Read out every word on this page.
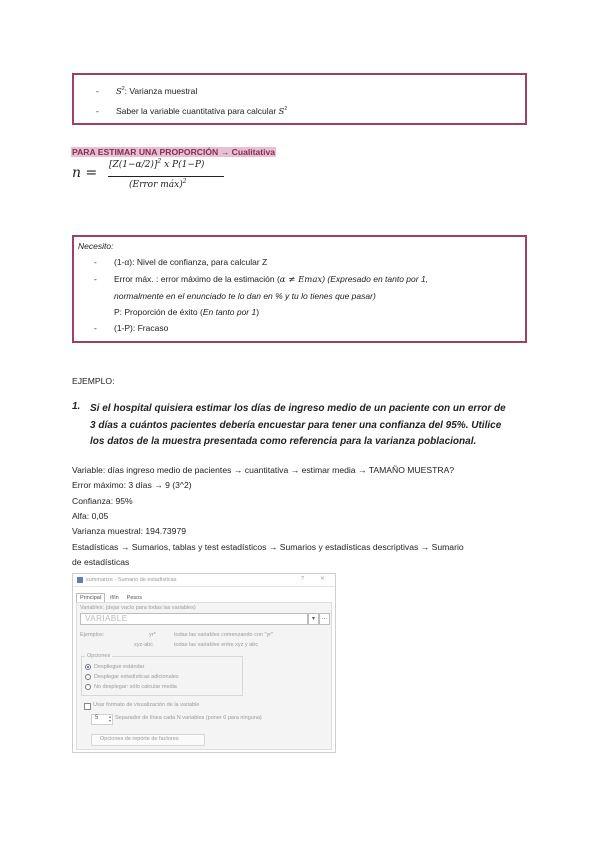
- $S^2$: Varianza muestral
- Saber la variable cuantitativa para calcular $S^2$
PARA ESTIMAR UNA PROPORCIÓN → Cualitativa
$n = [Z(1-\alpha/2)]^2$ x P(1−P)
(Error máx)$^2$
Necesito:
- (1-α): Nivel de confianza, para calcular Z
- Error máx. : error máximo de la estimación (α ≠ Emax) (Expresado en tanto por 1,
normalmente en el enunciado te lo dan en % y tu lo tienes que pasar)
P: Proporción de éxito (En tanto por 1)
- (1-P): Fracaso
EJEMPLO:
1. Si el hospital quisiera estimar los días de ingreso medio de un paciente con un error de
3 días a cuántos pacientes debería encuestar para tener una confianza del 95%. Utilice
los datos de la muestra presentada como referencia para la varianza poblacional.
Variable: días ingreso medio de pacientes → cuantitativa → estimar media → TAMAÑO MUESTRA?
Error máximo: 3 días → 9 (3^2)
Confianza: 95%
Alfa: 0,05
Varianza muestral: 194.73979
Estadísticas → Sumarios, tablas y test estadísticos → Sumarios y estadísticas descriptivas → Sumario
de estadísticas
summarize - Sumario de estadísticas	?	✕
Principal if/in Pesos
Variables: (dejar vacío para todas las variables)
VARIABLE	▾	…
Ejemplos:	yr*	todas las variables comenzando con "yr"
xyz-abc	todas las variables entre xyz y abc
Opciones
Despliegue estándar
Desplegar estadísticas adicionales
No desplegar: sólo calcular media
Usar formato de visualización de la variable
5	▴
▾ Separador de línea cada N variables (poner 0 para ninguna)
Opciones de reporte de factores
